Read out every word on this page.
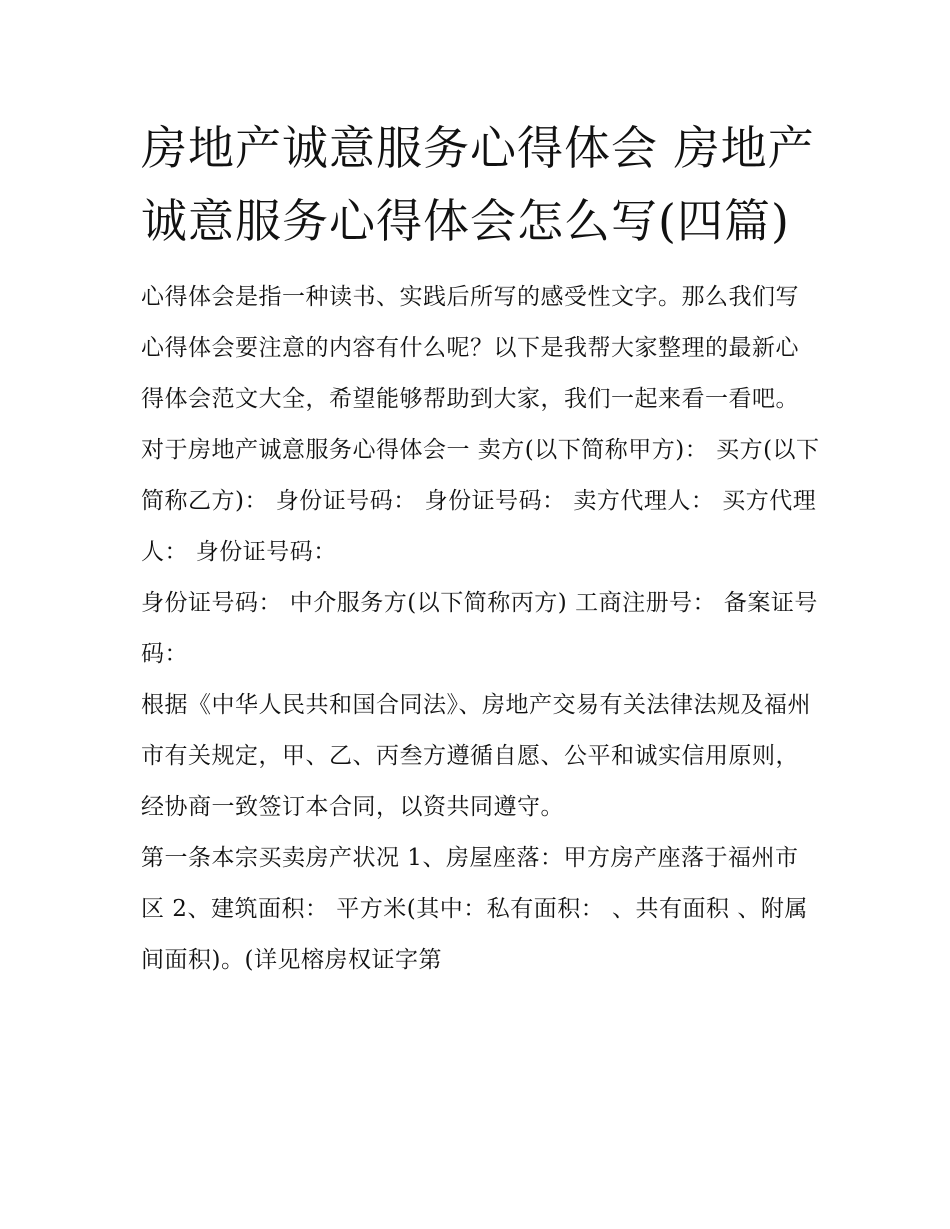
房地产诚意服务心得体会 房地产诚意服务心得体会怎么写(四篇)

心得体会是指一种读书、实践后所写的感受性文字。那么我们写心得体会要注意的内容有什么呢？以下是我帮大家整理的最新心得体会范文大全，希望能够帮助到大家，我们一起来看一看吧。

对于房地产诚意服务心得体会一 卖方(以下简称甲方)： 买方(以下简称乙方)： 身份证号码： 身份证号码： 卖方代理人： 买方代理人： 身份证号码：

身份证号码： 中介服务方(以下简称丙方) 工商注册号： 备案证号码：

根据《中华人民共和国合同法》、房地产交易有关法律法规及福州市有关规定，甲、乙、丙叁方遵循自愿、公平和诚实信用原则，经协商一致签订本合同，以资共同遵守。

第一条本宗买卖房产状况 1、房屋座落：甲方房产座落于福州市区 2、建筑面积： 平方米(其中：私有面积： 、共有面积 、附属间面积)。(详见榕房权证字第
